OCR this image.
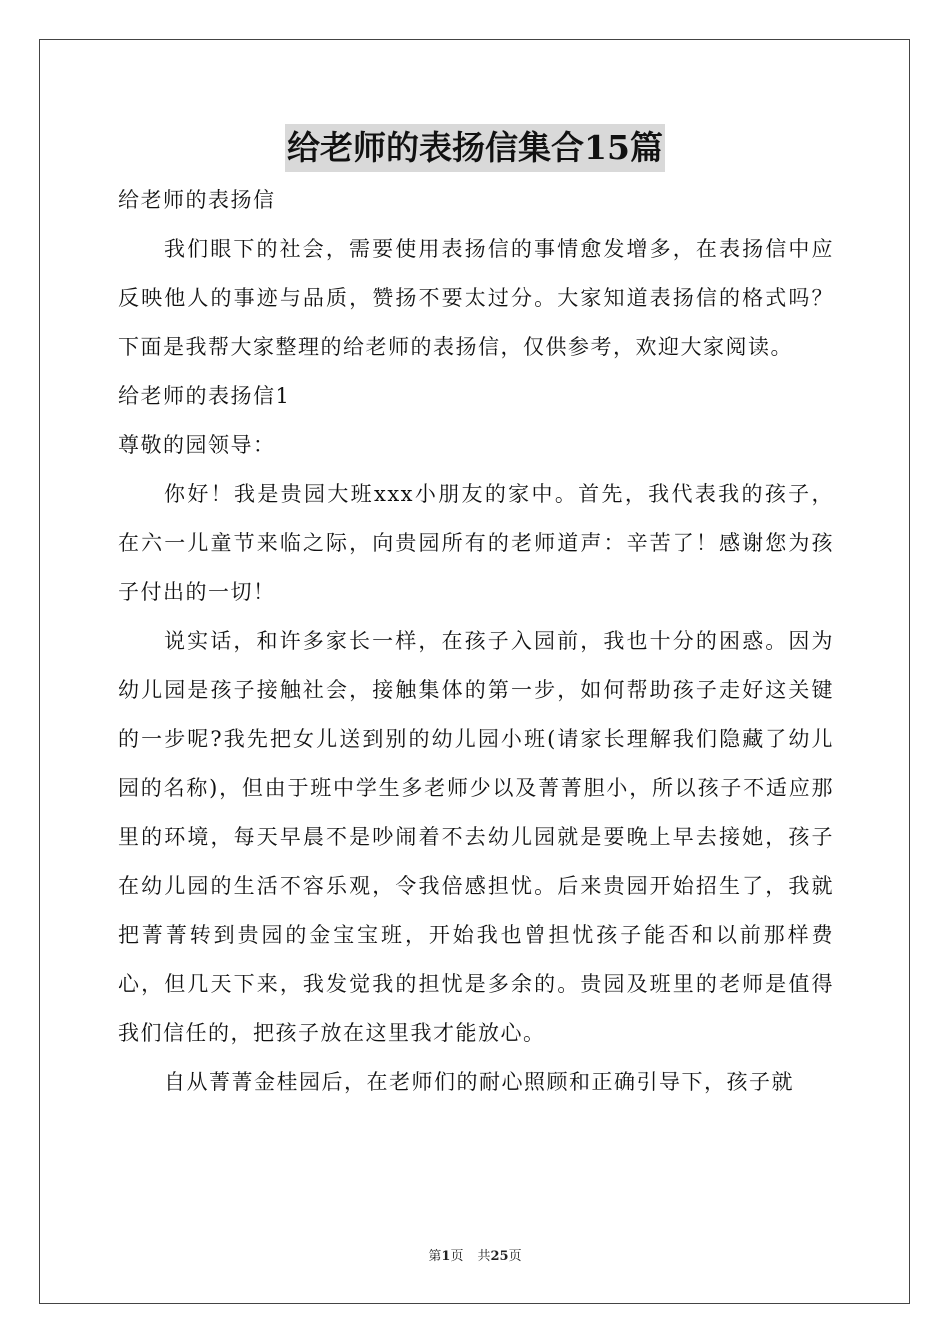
给老师的表扬信集合15篇

给老师的表扬信

我们眼下的社会，需要使用表扬信的事情愈发增多，在表扬信中应反映他人的事迹与品质，赞扬不要太过分。大家知道表扬信的格式吗？下面是我帮大家整理的给老师的表扬信，仅供参考，欢迎大家阅读。

给老师的表扬信1

尊敬的园领导：

你好！我是贵园大班xxx小朋友的家中。首先，我代表我的孩子，在六一儿童节来临之际，向贵园所有的老师道声：辛苦了！感谢您为孩子付出的一切！

说实话，和许多家长一样，在孩子入园前，我也十分的困惑。因为幼儿园是孩子接触社会，接触集体的第一步，如何帮助孩子走好这关键的一步呢?我先把女儿送到别的幼儿园小班(请家长理解我们隐藏了幼儿园的名称)，但由于班中学生多老师少以及菁菁胆小，所以孩子不适应那里的环境，每天早晨不是吵闹着不去幼儿园就是要晚上早去接她，孩子在幼儿园的生活不容乐观，令我倍感担忧。后来贵园开始招生了，我就把菁菁转到贵园的金宝宝班，开始我也曾担忧孩子能否和以前那样费心，但几天下来，我发觉我的担忧是多余的。贵园及班里的老师是值得我们信任的，把孩子放在这里我才能放心。

自从菁菁金桂园后，在老师们的耐心照顾和正确引导下，孩子就

第1页 共25页
